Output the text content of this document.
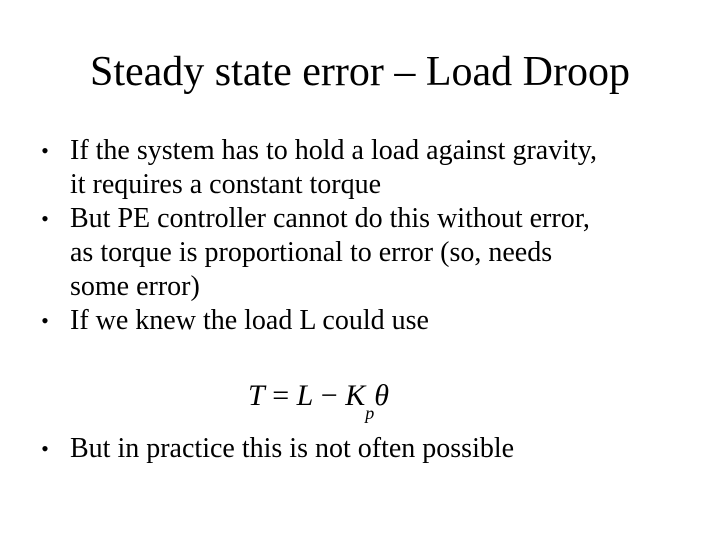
Steady state error – Load Droop
• If the system has to hold a load against gravity,
it requires a constant torque
• But PE controller cannot do this without error,
as torque is proportional to error (so, needs
some error)
• If we knew the load L could use
$T = L - K_p\theta$
• But in practice this is not often possible
